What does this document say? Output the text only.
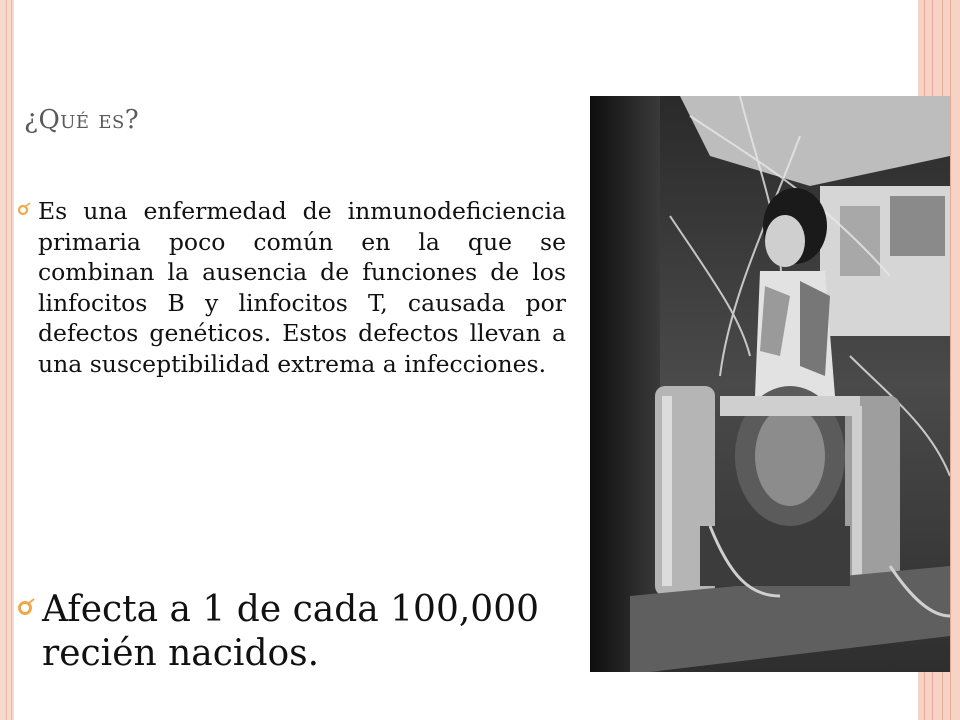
¿Qué es?
Es una enfermedad de inmunodeficiencia primaria poco común en la que se combinan la ausencia de funciones de los linfocitos B y linfocitos T, causada por defectos genéticos. Estos defectos llevan a una susceptibilidad extrema a infecciones.
Afecta a 1 de cada 100,000 recién nacidos.
